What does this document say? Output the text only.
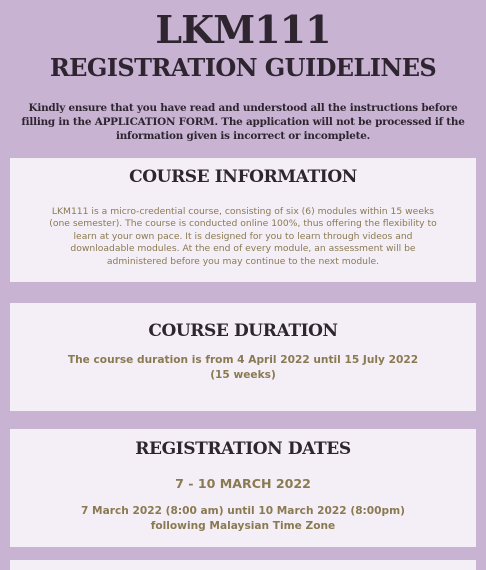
LKM111
REGISTRATION GUIDELINES
Kindly ensure that you have read and understood all the instructions before filling in the APPLICATION FORM. The application will not be processed if the information given is incorrect or incomplete.
COURSE INFORMATION
LKM111 is a micro-credential course, consisting of six (6) modules within 15 weeks (one semester). The course is conducted online 100%, thus offering the flexibility to learn at your own pace. It is designed for you to learn through videos and downloadable modules. At the end of every module, an assessment will be administered before you may continue to the next module.
COURSE DURATION
The course duration is from 4 April 2022 until 15 July 2022
(15 weeks)
REGISTRATION DATES
7 - 10 MARCH 2022
7 March 2022 (8:00 am) until 10 March 2022 (8:00pm)
following Malaysian Time Zone
